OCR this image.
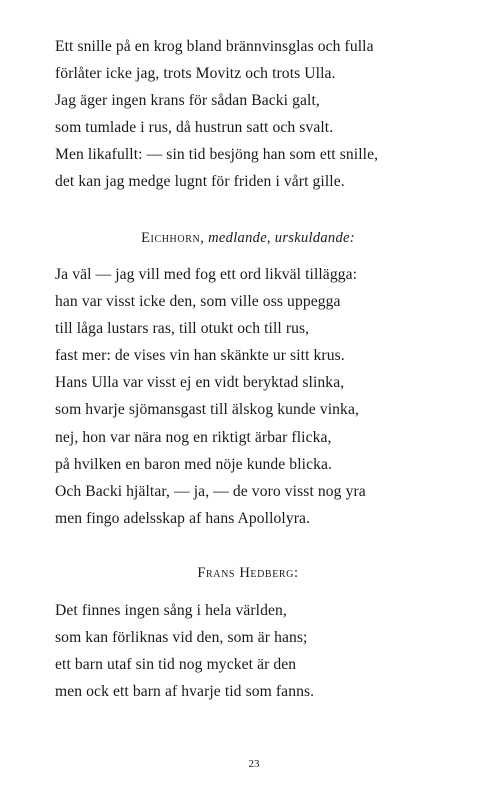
Ett snille på en krog bland brännvinsglas och fulla
förlåter icke jag, trots Movitz och trots Ulla.
Jag äger ingen krans för sådan Backi galt,
som tumlade i rus, då hustrun satt och svalt.
Men likafullt: — sin tid besjöng han som ett snille,
det kan jag medge lugnt för friden i vårt gille.
Eichhorn, medlande, urskuldande:
Ja väl — jag vill med fog ett ord likväl tillägga:
han var visst icke den, som ville oss uppegga
till låga lustars ras, till otukt och till rus,
fast mer: de vises vin han skänkte ur sitt krus.
Hans Ulla var visst ej en vidt beryktad slinka,
som hvarje sjömansgast till älskog kunde vinka,
nej, hon var nära nog en riktigt ärbar flicka,
på hvilken en baron med nöje kunde blicka.
Och Backi hjältar, — ja, — de voro visst nog yra
men fingo adelsskap af hans Apollolyra.
Frans Hedberg:
Det finnes ingen sång i hela världen,
som kan förliknas vid den, som är hans;
ett barn utaf sin tid nog mycket är den
men ock ett barn af hvarje tid som fanns.
23
